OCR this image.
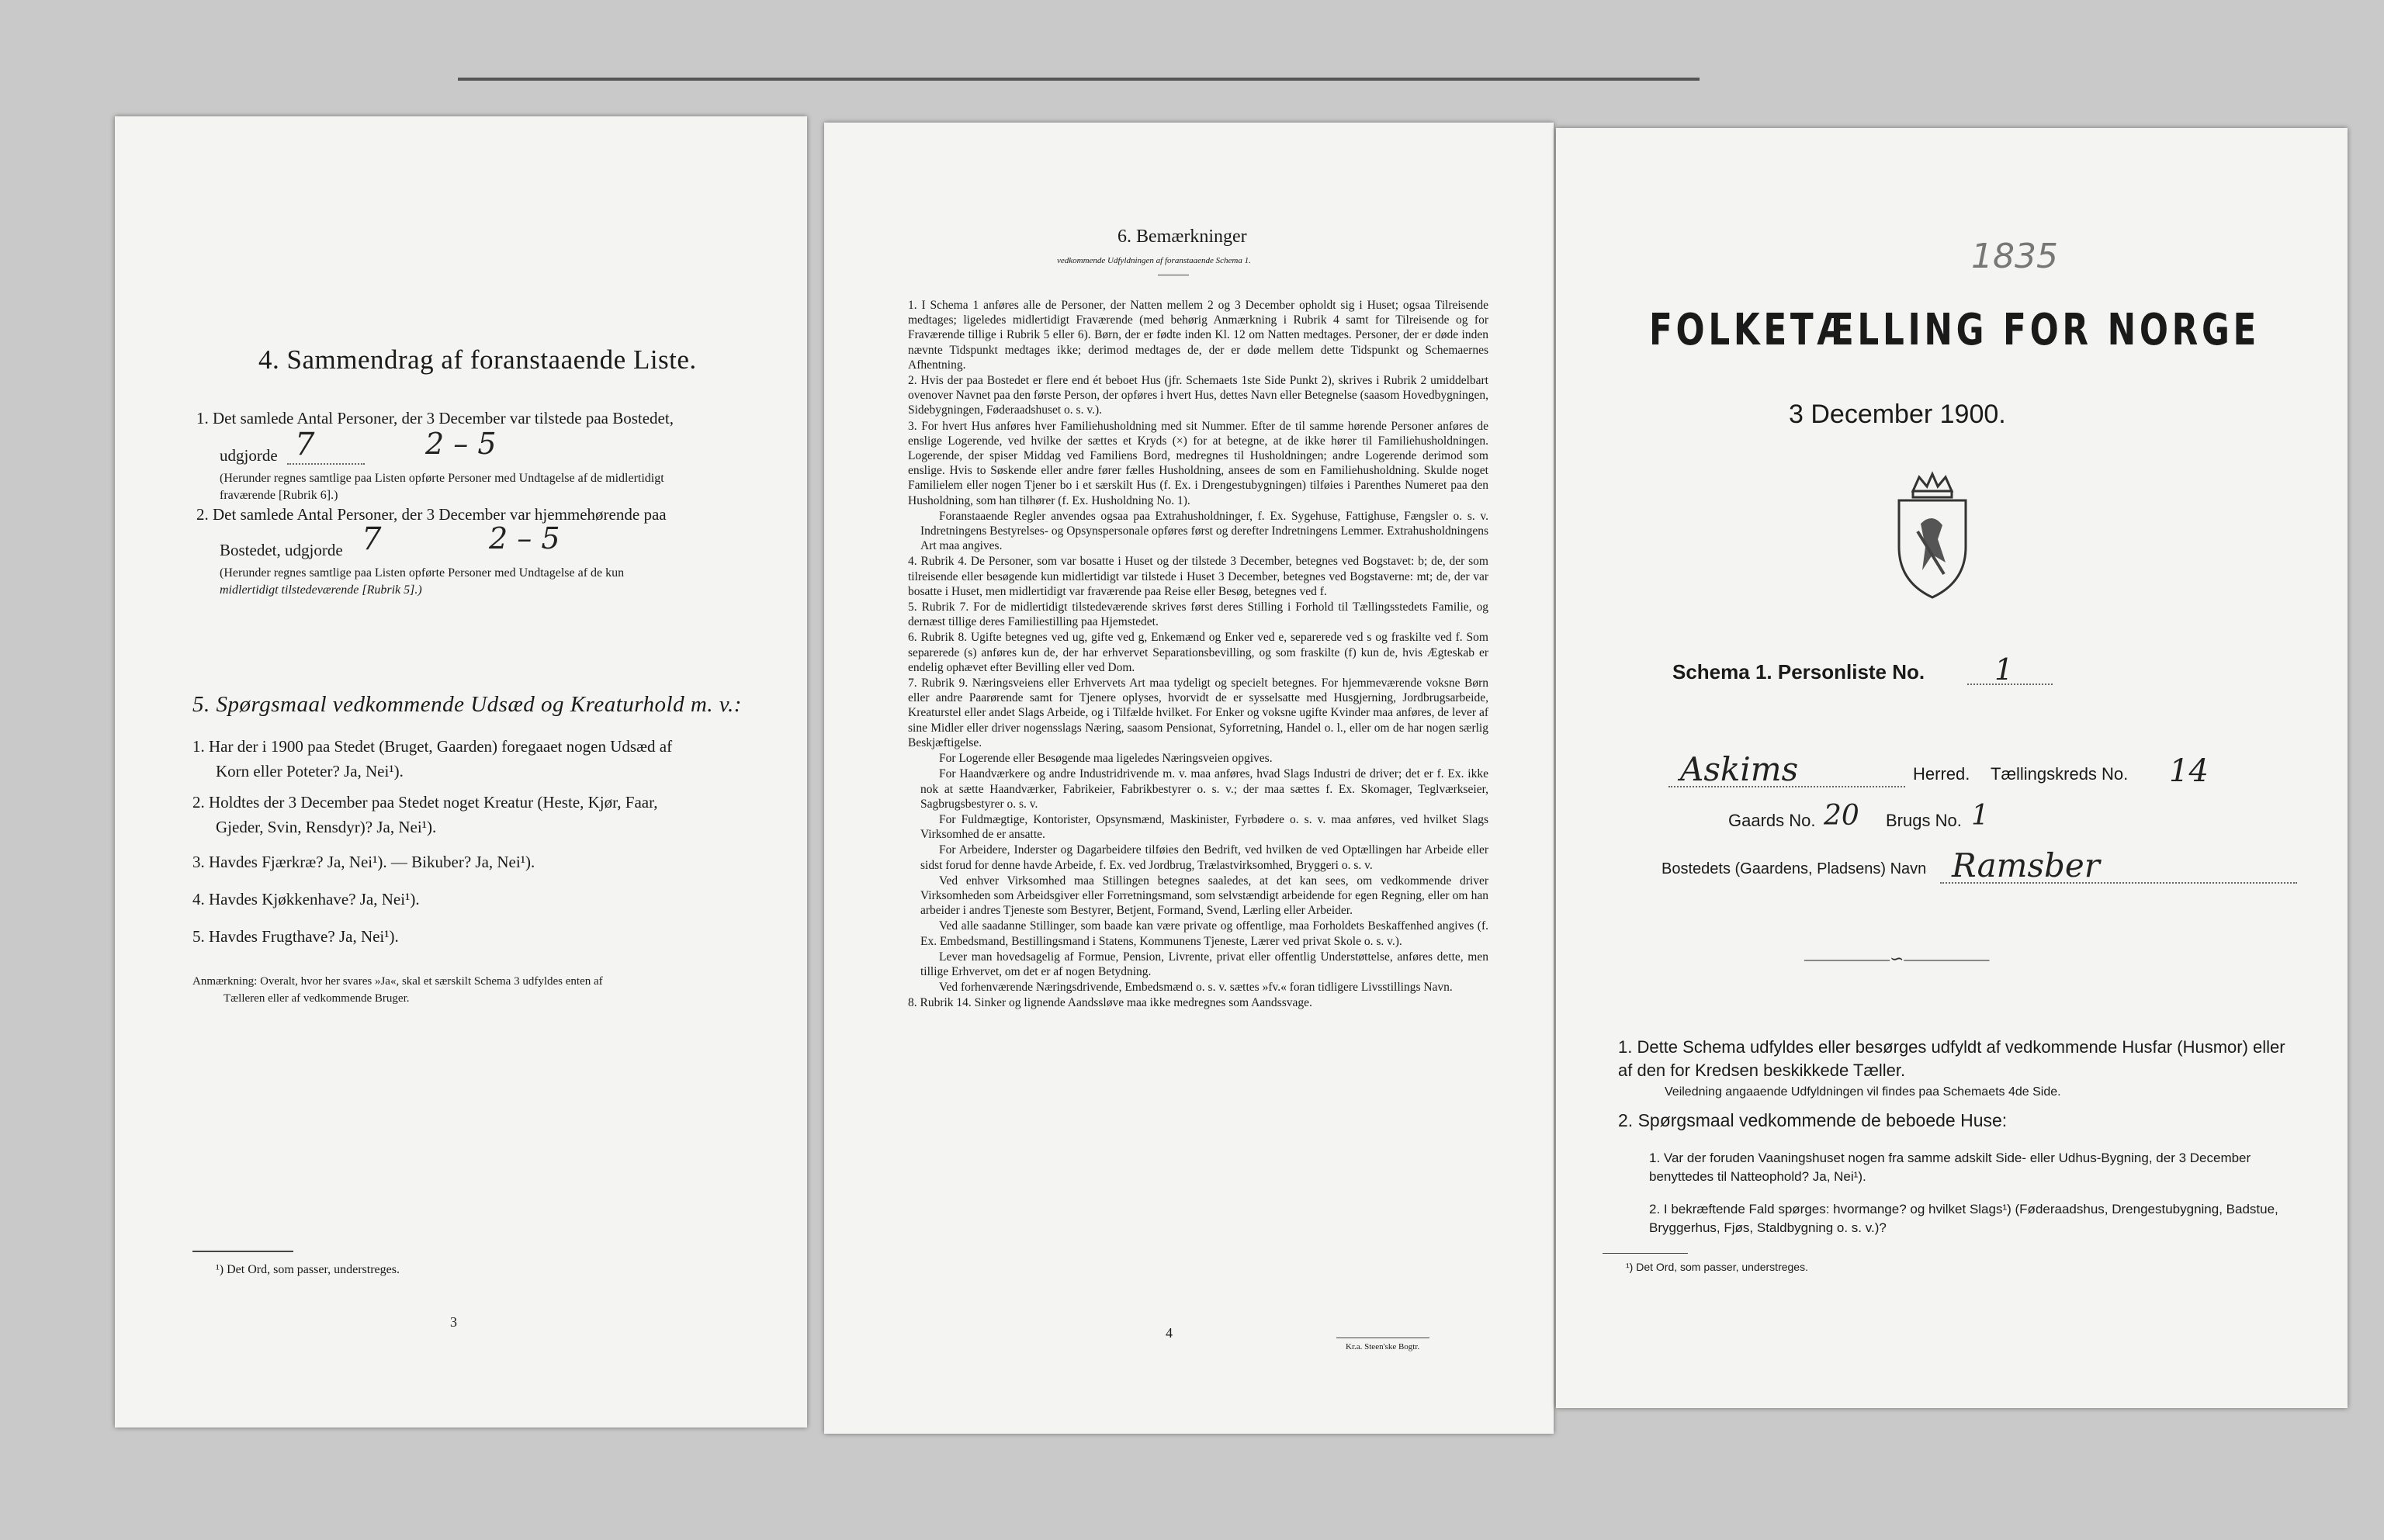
4. Sammendrag af foranstaaende Liste.
1. Det samlede Antal Personer, der 3 December var tilstede paa Bostedet,
udgjorde 7	2 – 5
(Herunder regnes samtlige paa Listen opførte Personer med Undtagelse af de midlertidigt
fraværende [Rubrik 6].)
2. Det samlede Antal Personer, der 3 December var hjemmehørende paa
Bostedet, udgjorde 7	2 – 5
(Herunder regnes samtlige paa Listen opførte Personer med Undtagelse af de kun
midlertidigt tilstedeværende [Rubrik 5].)
5. Spørgsmaal vedkommende Udsæd og Kreaturhold m. v.:
1. Har der i 1900 paa Stedet (Bruget, Gaarden) foregaaet nogen Udsæd af
Korn eller Poteter? Ja, Nei¹).
2. Holdtes der 3 December paa Stedet noget Kreatur (Heste, Kjør, Faar,
Gjeder, Svin, Rensdyr)? Ja, Nei¹).
3. Havdes Fjærkræ? Ja, Nei¹). — Bikuber? Ja, Nei¹).
4. Havdes Kjøkkenhave? Ja, Nei¹).
5. Havdes Frugthave? Ja, Nei¹).
Anmærkning: Overalt, hvor her svares »Ja«, skal et særskilt Schema 3 udfyldes enten af
Tælleren eller af vedkommende Bruger.
¹) Det Ord, som passer, understreges.
3
6. Bemærkninger
vedkommende Udfyldningen af foranstaaende Schema 1.
1. I Schema 1 anføres alle de Personer, der Natten mellem 2 og 3 December opholdt sig i Huset; ogsaa Tilreisende medtages; ligeledes midlertidigt Fraværende (med behørig Anmærkning i Rubrik 4 samt for Tilreisende og for Fraværende tillige i Rubrik 5 eller 6). Børn, der er fødte inden Kl. 12 om Natten medtages. Personer, der er døde inden nævnte Tidspunkt medtages ikke; derimod medtages de, der er døde mellem dette Tidspunkt og Schemaernes Afhentning.
2. Hvis der paa Bostedet er flere end ét beboet Hus (jfr. Schemaets 1ste Side Punkt 2), skrives i Rubrik 2 umiddelbart ovenover Navnet paa den første Person, der opføres i hvert Hus, dettes Navn eller Betegnelse (saasom Hovedbygningen, Sidebygningen, Føderaadshuset o. s. v.).
3. For hvert Hus anføres hver Familiehusholdning med sit Nummer. Efter de til samme hørende Personer anføres de enslige Logerende, ved hvilke der sættes et Kryds (×) for at betegne, at de ikke hører til Familiehusholdningen. Logerende, der spiser Middag ved Familiens Bord, medregnes til Husholdningen; andre Logerende derimod som enslige. Hvis to Søskende eller andre fører fælles Husholdning, ansees de som en Familiehusholdning. Skulde noget Familielem eller nogen Tjener bo i et særskilt Hus (f. Ex. i Drengestubygningen) tilføies i Parenthes Numeret paa den Husholdning, som han tilhører (f. Ex. Husholdning No. 1).
Foranstaaende Regler anvendes ogsaa paa Extrahusholdninger, f. Ex. Sygehuse, Fattighuse, Fængsler o. s. v. Indretningens Bestyrelses- og Opsynspersonale opføres først og derefter Indretningens Lemmer. Extrahusholdningens Art maa angives.
4. Rubrik 4. De Personer, som var bosatte i Huset og der tilstede 3 December, betegnes ved Bogstavet: b; de, der som tilreisende eller besøgende kun midlertidigt var tilstede i Huset 3 December, betegnes ved Bogstaverne: mt; de, der var bosatte i Huset, men midlertidigt var fraværende paa Reise eller Besøg, betegnes ved f.
5. Rubrik 7. For de midlertidigt tilstedeværende skrives først deres Stilling i Forhold til Tællingsstedets Familie, og dernæst tillige deres Familiestilling paa Hjemstedet.
6. Rubrik 8. Ugifte betegnes ved ug, gifte ved g, Enkemænd og Enker ved e, separerede ved s og fraskilte ved f. Som separerede (s) anføres kun de, der har erhvervet Separationsbevilling, og som fraskilte (f) kun de, hvis Ægteskab er endelig ophævet efter Bevilling eller ved Dom.
7. Rubrik 9. Næringsveiens eller Erhvervets Art maa tydeligt og specielt betegnes. For hjemmeværende voksne Børn eller andre Paarørende samt for Tjenere oplyses, hvorvidt de er sysselsatte med Husgjerning, Jordbrugsarbeide, Kreaturstel eller andet Slags Arbeide, og i Tilfælde hvilket. For Enker og voksne ugifte Kvinder maa anføres, de lever af sine Midler eller driver nogensslags Næring, saasom Pensionat, Syforretning, Handel o. l., eller om de har nogen særlig Beskjæftigelse.
For Logerende eller Besøgende maa ligeledes Næringsveien opgives.
For Haandværkere og andre Industridrivende m. v. maa anføres, hvad Slags Industri de driver; det er f. Ex. ikke nok at sætte Haandværker, Fabrikeier, Fabrikbestyrer o. s. v.; der maa sættes f. Ex. Skomager, Teglværkseier, Sagbrugsbestyrer o. s. v.
For Fuldmægtige, Kontorister, Opsynsmænd, Maskinister, Fyrbødere o. s. v. maa anføres, ved hvilket Slags Virksomhed de er ansatte.
For Arbeidere, Inderster og Dagarbeidere tilføies den Bedrift, ved hvilken de ved Optællingen har Arbeide eller sidst forud for denne havde Arbeide, f. Ex. ved Jordbrug, Trælastvirksomhed, Bryggeri o. s. v.
Ved enhver Virksomhed maa Stillingen betegnes saaledes, at det kan sees, om vedkommende driver Virksomheden som Arbeidsgiver eller Forretningsmand, som selvstændigt arbeidende for egen Regning, eller om han arbeider i andres Tjeneste som Bestyrer, Betjent, Formand, Svend, Lærling eller Arbeider.
Ved alle saadanne Stillinger, som baade kan være private og offentlige, maa Forholdets Beskaffenhed angives (f. Ex. Embedsmand, Bestillingsmand i Statens, Kommunens Tjeneste, Lærer ved privat Skole o. s. v.).
Lever man hovedsagelig af Formue, Pension, Livrente, privat eller offentlig Understøttelse, anføres dette, men tillige Erhvervet, om det er af nogen Betydning.
Ved forhenværende Næringsdrivende, Embedsmænd o. s. v. sættes »fv.« foran tidligere Livsstillings Navn.
8. Rubrik 14. Sinker og lignende Aandssløve maa ikke medregnes som Aandssvage.
4
Kr.a. Steen'ske Bogtr.
1835
FOLKETÆLLING FOR NORGE
3 December 1900.
Schema 1. Personliste No. 1
Askims	Herred. Tællingskreds No. 14
Gaards No. 20 Brugs No. 1
Bostedets (Gaardens, Pladsens) Navn Ramsber
—————∽—————
1. Dette Schema udfyldes eller besørges udfyldt af vedkommende Husfar (Husmor) eller af den for Kredsen beskikkede Tæller.
Veiledning angaaende Udfyldningen vil findes paa Schemaets 4de Side.
2. Spørgsmaal vedkommende de beboede Huse:
1. Var der foruden Vaaningshuset nogen fra samme adskilt Side- eller Udhus-Bygning, der 3 December benyttedes til Natteophold? Ja, Nei¹).
2. I bekræftende Fald spørges: hvormange? og hvilket Slags¹) (Føderaadshus, Drengestubygning, Badstue, Bryggerhus, Fjøs, Staldbygning o. s. v.)?
¹) Det Ord, som passer, understreges.
